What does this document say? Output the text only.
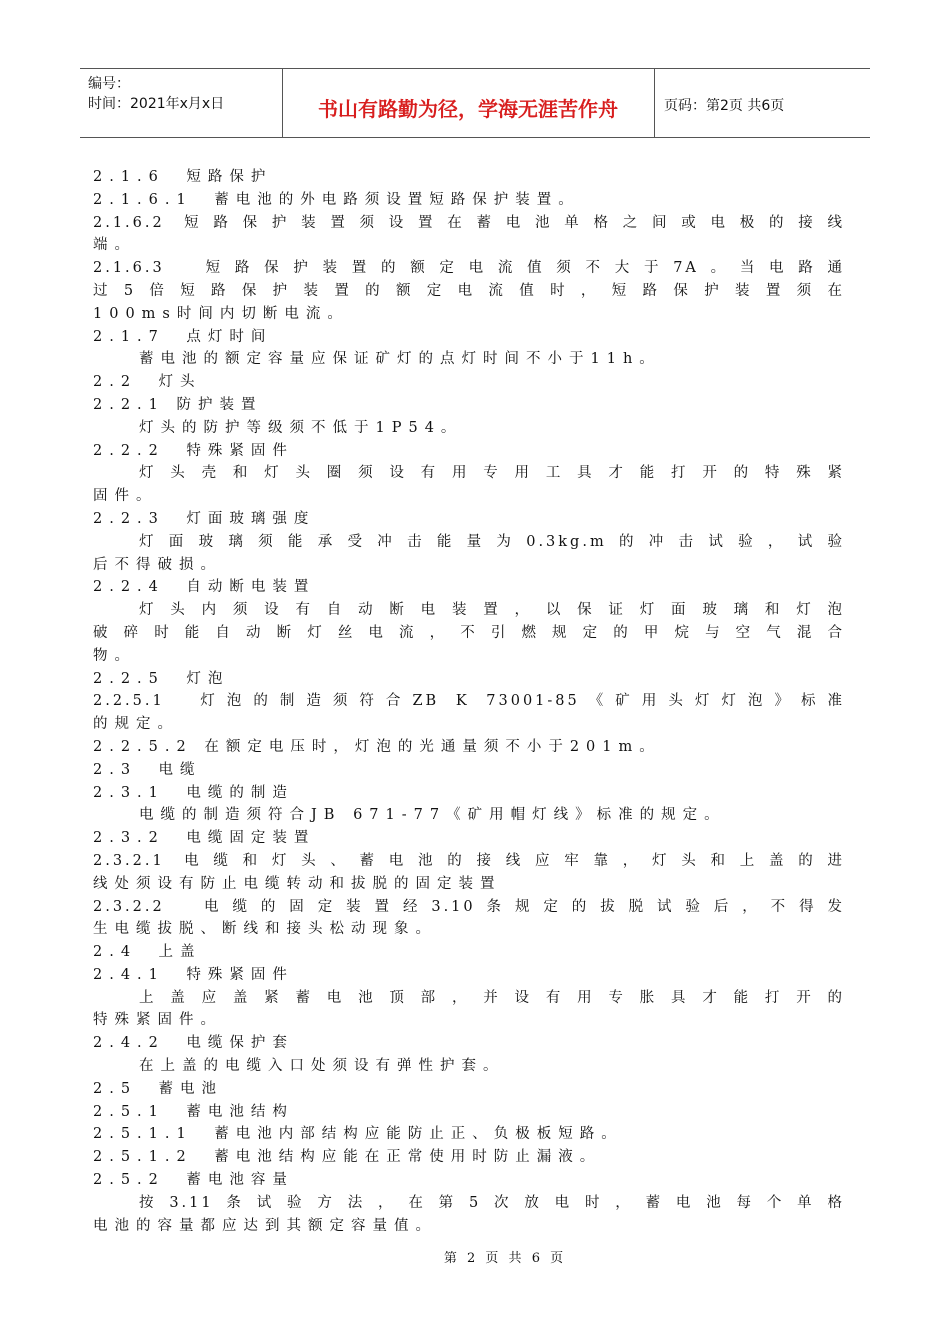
编号：
时间：2021年x月x日	书山有路勤为径，学海无涯苦作舟	页码：第2页 共6页
2.1.6　短路保护
2.1.6.1　蓄电池的外电路须设置短路保护装置。
2.1.6.2 短路保护装置须设置在蓄电池单格之间或电极的接线
端。
2.1.6.3　短路保护装置的额定电流值须不大于7A。当电路通
过5倍短路保护装置的额定电流值时，短路保护装置须在
100ms时间内切断电流。
2.1.7　点灯时间
蓄电池的额定容量应保证矿灯的点灯时间不小于11h。
2.2　灯头
2.2.1 防护装置
灯头的防护等级须不低于1P54。
2.2.2　特殊紧固件
灯头壳和灯头圈须设有用专用工具才能打开的特殊紧
固件。
2.2.3　灯面玻璃强度
灯面玻璃须能承受冲击能量为0.3kg.m的冲击试验，试验
后不得破损。
2.2.4　自动断电装置
灯头内须设有自动断电装置，以保证灯面玻璃和灯泡
破碎时能自动断灯丝电流，不引燃规定的甲烷与空气混合
物。
2.2.5　灯泡
2.2.5.1　灯泡的制造须符合ZB K 73001-85《矿用头灯灯泡》标准
的规定。
2.2.5.2 在额定电压时，灯泡的光通量须不小于201m。
2.3　电缆
2.3.1　电缆的制造
电缆的制造须符合JB 671-77《矿用帽灯线》标准的规定。
2.3.2　电缆固定装置
2.3.2.1 电缆和灯头、蓄电池的接线应牢靠，灯头和上盖的进
线处须设有防止电缆转动和拔脱的固定装置
2.3.2.2　电缆的固定装置经3.10条规定的拔脱试验后，不得发
生电缆拔脱、断线和接头松动现象。
2.4　上盖
2.4.1　特殊紧固件
上盖应盖紧蓄电池顶部，并设有用专胀具才能打开的
特殊紧固件。
2.4.2　电缆保护套
在上盖的电缆入口处须设有弹性护套。
2.5　蓄电池
2.5.1　蓄电池结构
2.5.1.1　蓄电池内部结构应能防止正、负极板短路。
2.5.1.2　蓄电池结构应能在正常使用时防止漏液。
2.5.2　蓄电池容量
按3.11条试验方法，在第5次放电时，蓄电池每个单格
电池的容量都应达到其额定容量值。
第 2 页 共 6 页
